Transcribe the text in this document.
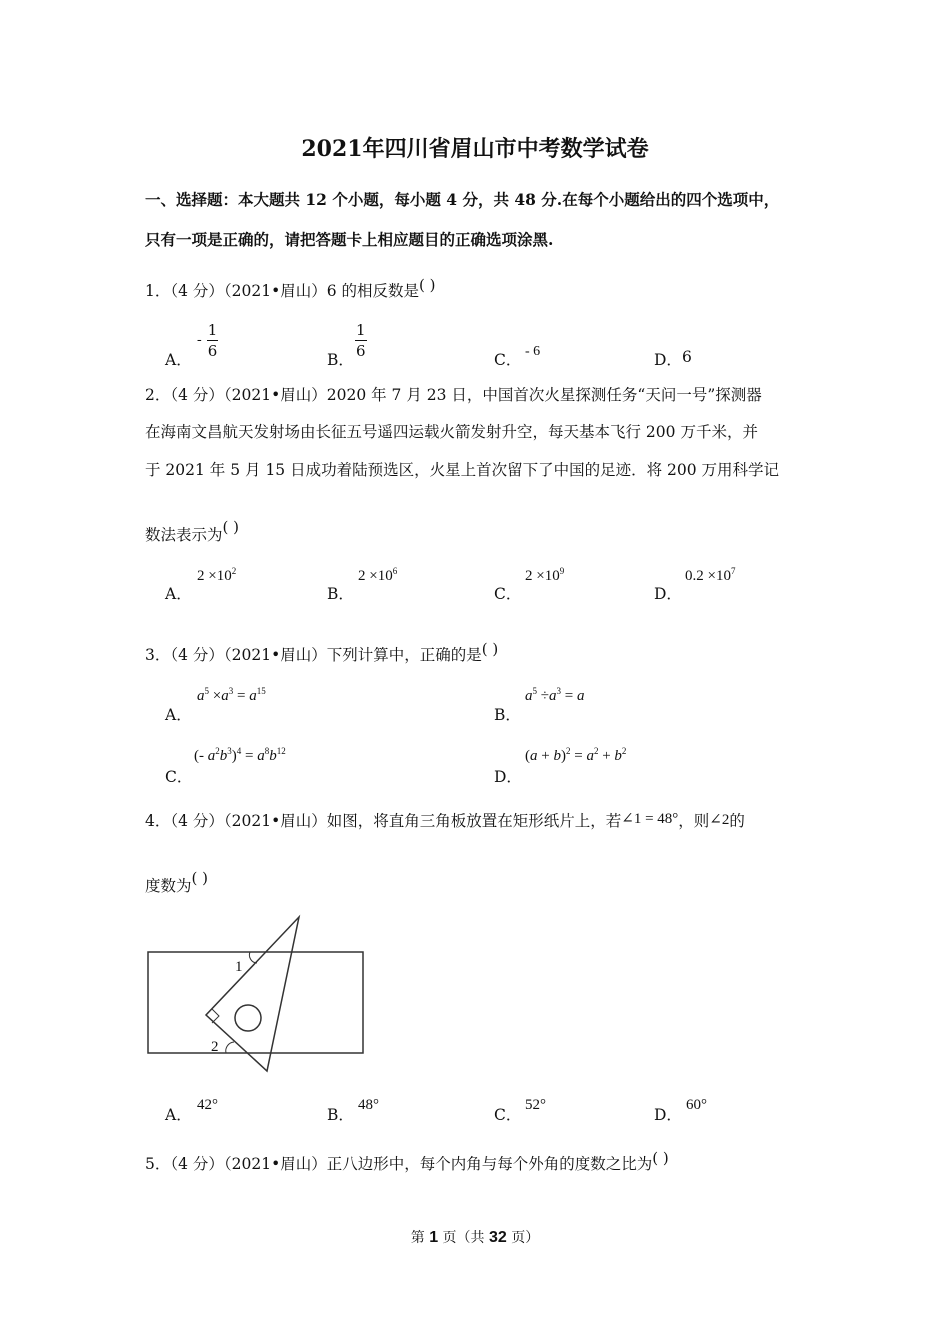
2021年四川省眉山市中考数学试卷
一、选择题：本大题共 12 个小题，每小题 4 分，共 48 分.在每个小题给出的四个选项中，
只有一项是正确的，请把答题卡上相应题目的正确选项涂黑.
1．（4 分）（2021•眉山）6 的相反数是( )
A．
- $\frac{1}{6}$	B． $\frac{1}{6}$	C． - 6	D． 6
2．（4 分）（2021•眉山）2020 年 7 月 23 日，中国首次火星探测任务“天问一号”探测器
在海南文昌航天发射场由长征五号遥四运载火箭发射升空，每天基本飞行 200 万千米，并
于 2021 年 5 月 15 日成功着陆预选区，火星上首次留下了中国的足迹．将 200 万用科学记
数法表示为( )
A．
$2 \times 10^2$
B．
$2 \times 10^6$
C．
$2 \times 10^9$
D．
$0.2 \times 10^7$
3．（4 分）（2021•眉山）下列计算中，正确的是( )
A．
$a^5 \times a^3 = a^{15}$
B．
$a^5 \div a^3 = a$
C．
(- $a^2b^3)^4 = a^8b^{12}$
D．
$(a + b)^2 = a^2 + b^2$
4．（4 分）（2021•眉山）如图，将直角三角板放置在矩形纸片上，若∠1 = 48°，则∠2的
度数为( )
1
2
A．
42°
B．
48°
C．
52°
D．
60°
5．（4 分）（2021•眉山）正八边形中，每个内角与每个外角的度数之比为( )
第 1 页（共 32 页）
